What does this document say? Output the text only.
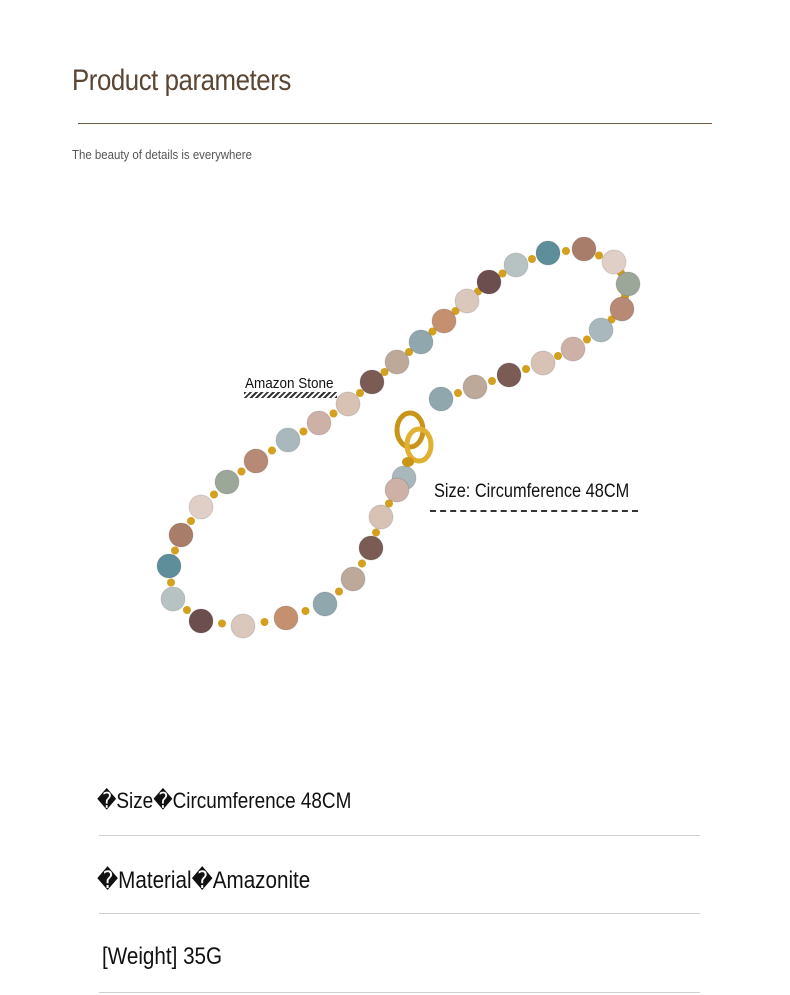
Product parameters
The beauty of details is everywhere
Amazon Stone
Size: Circumference 48CM
�Size�Circumference 48CM
�Material�Amazonite
[Weight] 35G
